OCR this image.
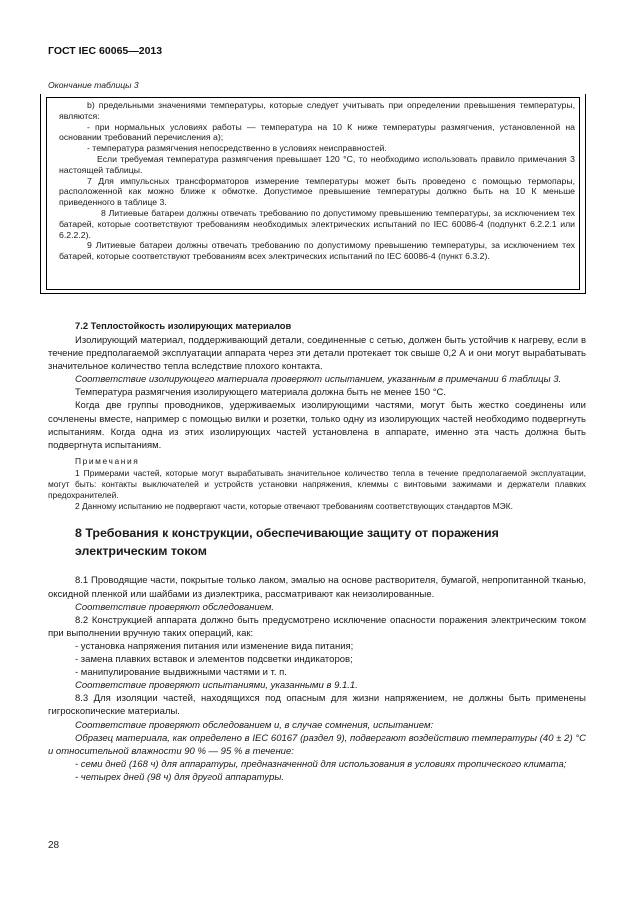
ГОСТ IEC 60065—2013
Окончание таблицы 3

b) предельными значениями температуры, которые следует учитывать при определении превышения температуры, являются:

- при нормальных условиях работы — температура на 10 К ниже температуры размягчения, установленной на основании требований перечисления а);

- температура размягчения непосредственно в условиях неисправностей.

Если требуемая температура размягчения превышает 120 °С, то необходимо использовать правило примечания 3 настоящей таблицы.

7 Для импульсных трансформаторов измерение температуры может быть проведено с помощью термопары, расположенной как можно ближе к обмотке. Допустимое превышение температуры должно быть на 10 К меньше приведенного в таблице 3.

8 Литиевые батареи должны отвечать требованию по допустимому превышению температуры, за исключением тех батарей, которые соответствуют требованиям необходимых электрических испытаний по IEC 60086-4 (подпункт 6.2.2.1 или 6.2.2.2).

9 Литиевые батареи должны отвечать требованию по допустимому превышению температуры, за исключением тех батарей, которые соответствуют требованиям всех электрических испытаний по IEC 60086-4 (пункт 6.3.2).

7.2 Теплостойкость изолирующих материалов

Изолирующий материал, поддерживающий детали, соединенные с сетью, должен быть устойчив к нагреву, если в течение предполагаемой эксплуатации аппарата через эти детали протекает ток свыше 0,2 А и они могут вырабатывать значительное количество тепла вследствие плохого контакта.

Соответствие изолирующего материала проверяют испытанием, указанным в примечании 6 таблицы 3.

Температура размягчения изолирующего материала должна быть не менее 150 °С.

Когда две группы проводников, удерживаемых изолирующими частями, могут быть жестко соединены или сочленены вместе, например с помощью вилки и розетки, только одну из изолирующих частей необходимо подвергнуть испытаниям. Когда одна из этих изолирующих частей установлена в аппарате, именно эта часть должна быть подвергнута испытаниям.

Примечания

1 Примерами частей, которые могут вырабатывать значительное количество тепла в течение предполагаемой эксплуатации, могут быть: контакты выключателей и устройств установки напряжения, клеммы с винтовыми зажимами и держатели плавких предохранителей.

2 Данному испытанию не подвергают части, которые отвечают требованиям соответствующих стандартов МЭК.

8 Требования к конструкции, обеспечивающие защиту от поражения электрическим током

8.1 Проводящие части, покрытые только лаком, эмалью на основе растворителя, бумагой, непропитанной тканью, оксидной пленкой или шайбами из диэлектрика, рассматривают как неизолированные.

Соответствие проверяют обследованием.

8.2 Конструкцией аппарата должно быть предусмотрено исключение опасности поражения электрическим током при выполнении вручную таких операций, как:

- установка напряжения питания или изменение вида питания;

- замена плавких вставок и элементов подсветки индикаторов;

- манипулирование выдвижными частями и т. п.

Соответствие проверяют испытаниями, указанными в 9.1.1.

8.3 Для изоляции частей, находящихся под опасным для жизни напряжением, не должны быть применены гигроскопические материалы.

Соответствие проверяют обследованием и, в случае сомнения, испытанием:

Образец материала, как определено в IEC 60167 (раздел 9), подвергают воздействию температуры (40 ± 2) °С и относительной влажности 90 % — 95 % в течение:

- семи дней (168 ч) для аппаратуры, предназначенной для использования в условиях тропического климата;

- четырех дней (98 ч) для другой аппаратуры.

28
